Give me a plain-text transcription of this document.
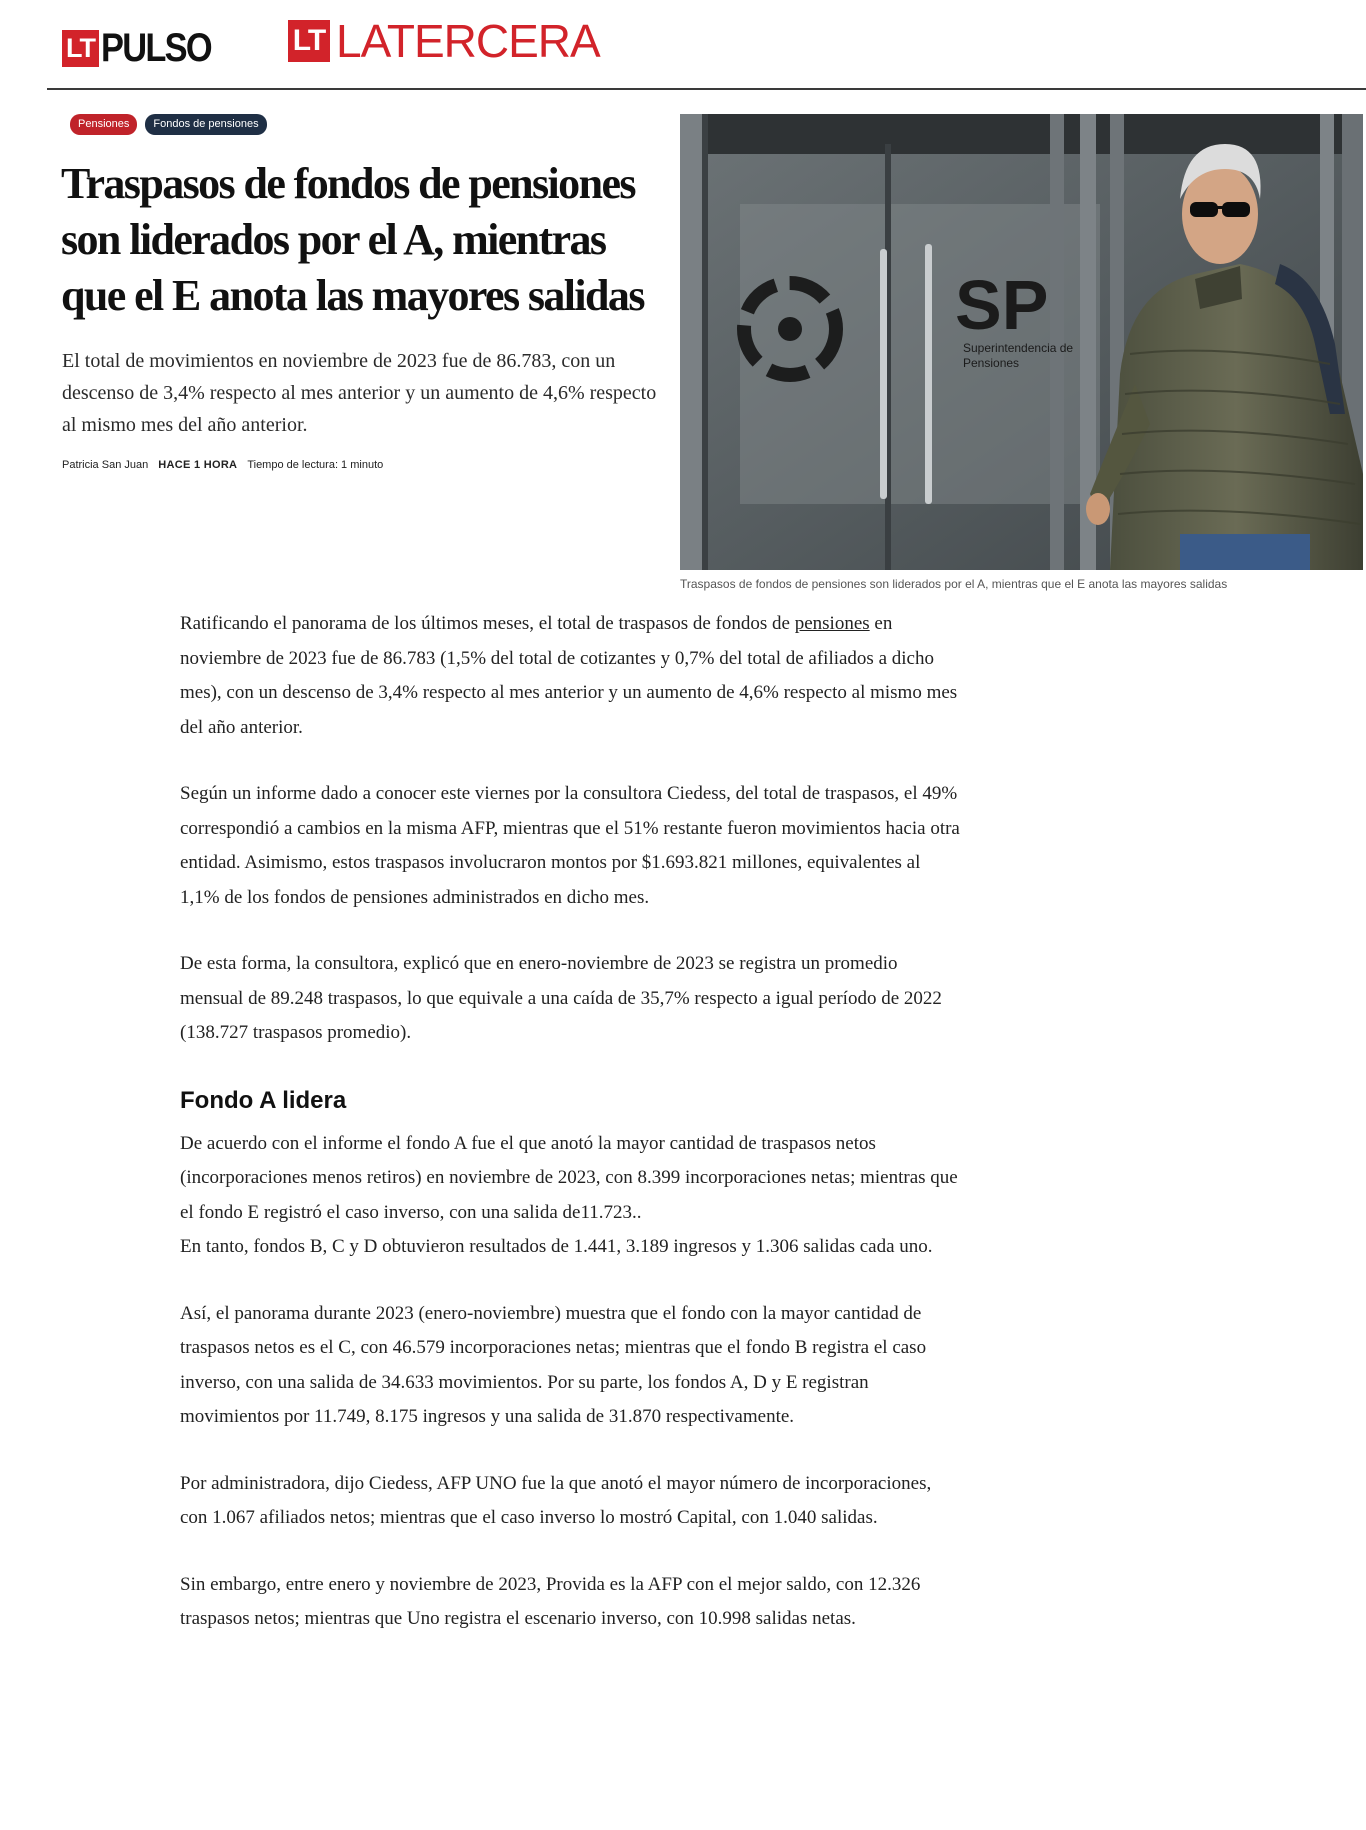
LT PULSO	LT LATERCERA
Pensiones	Fondos de pensiones
Traspasos de fondos de pensiones son liderados por el A, mientras que el E anota las mayores salidas

El total de movimientos en noviembre de 2023 fue de 86.783, con un descenso de 3,4% respecto al mes anterior y un aumento de 4,6% respecto al mismo mes del año anterior.

Patricia San Juan HACE 1 HORA Tiempo de lectura: 1 minuto
SP
Superintendencia de
Pensiones

Traspasos de fondos de pensiones son liderados por el A, mientras que el E anota las mayores salidas

Ratificando el panorama de los últimos meses, el total de traspasos de fondos de pensiones en noviembre de 2023 fue de 86.783 (1,5% del total de cotizantes y 0,7% del total de afiliados a dicho mes), con un descenso de 3,4% respecto al mes anterior y un aumento de 4,6% respecto al mismo mes del año anterior.

Según un informe dado a conocer este viernes por la consultora Ciedess, del total de traspasos, el 49% correspondió a cambios en la misma AFP, mientras que el 51% restante fueron movimientos hacia otra entidad. Asimismo, estos traspasos involucraron montos por $1.693.821 millones, equivalentes al 1,1% de los fondos de pensiones administrados en dicho mes.

De esta forma, la consultora, explicó que en enero-noviembre de 2023 se registra un promedio mensual de 89.248 traspasos, lo que equivale a una caída de 35,7% respecto a igual período de 2022 (138.727 traspasos promedio).

Fondo A lidera

De acuerdo con el informe el fondo A fue el que anotó la mayor cantidad de traspasos netos (incorporaciones menos retiros) en noviembre de 2023, con 8.399 incorporaciones netas; mientras que el fondo E registró el caso inverso, con una salida de11.723..
En tanto, fondos B, C y D obtuvieron resultados de 1.441, 3.189 ingresos y 1.306 salidas cada uno.

Así, el panorama durante 2023 (enero-noviembre) muestra que el fondo con la mayor cantidad de traspasos netos es el C, con 46.579 incorporaciones netas; mientras que el fondo B registra el caso inverso, con una salida de 34.633 movimientos. Por su parte, los fondos A, D y E registran movimientos por 11.749, 8.175 ingresos y una salida de 31.870 respectivamente.

Por administradora, dijo Ciedess, AFP UNO fue la que anotó el mayor número de incorporaciones, con 1.067 afiliados netos; mientras que el caso inverso lo mostró Capital, con 1.040 salidas.

Sin embargo, entre enero y noviembre de 2023, Provida es la AFP con el mejor saldo, con 12.326 traspasos netos; mientras que Uno registra el escenario inverso, con 10.998 salidas netas.
